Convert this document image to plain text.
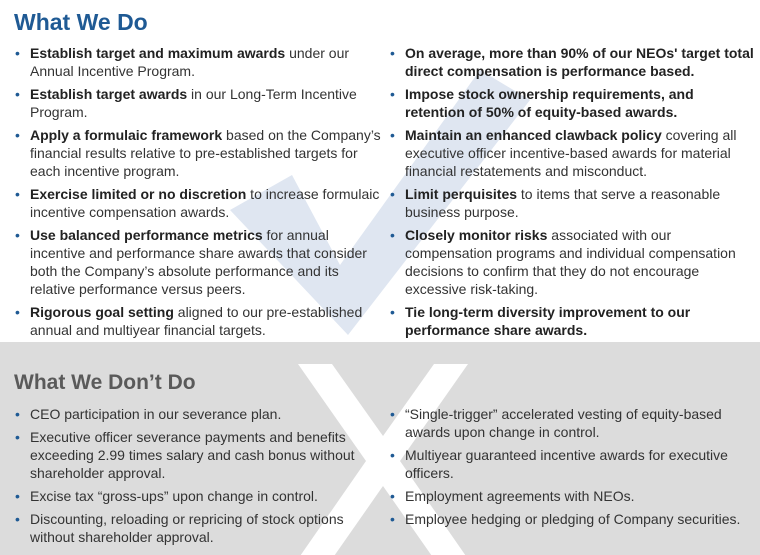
What We Do
• Establish target and maximum awards under our Annual Incentive Program.
• Establish target awards in our Long-Term Incentive Program.
• Apply a formulaic framework based on the Company’s financial results relative to pre-established targets for each incentive program.
• Exercise limited or no discretion to increase formulaic incentive compensation awards.
• Use balanced performance metrics for annual incentive and performance share awards that consider both the Company’s absolute performance and its relative performance versus peers.
• Rigorous goal setting aligned to our pre-established annual and multiyear financial targets.
• On average, more than 90% of our NEOs' target total direct compensation is performance based.
• Impose stock ownership requirements, and retention of 50% of equity-based awards.
• Maintain an enhanced clawback policy covering all executive officer incentive-based awards for material financial restatements and misconduct.
• Limit perquisites to items that serve a reasonable business purpose.
• Closely monitor risks associated with our compensation programs and individual compensation decisions to confirm that they do not encourage excessive risk-taking.
• Tie long-term diversity improvement to our performance share awards.
What We Don’t Do
• CEO participation in our severance plan.
• Executive officer severance payments and benefits exceeding 2.99 times salary and cash bonus without shareholder approval.
• Excise tax “gross-ups” upon change in control.
• Discounting, reloading or repricing of stock options without shareholder approval.
• “Single-trigger” accelerated vesting of equity-based awards upon change in control.
• Multiyear guaranteed incentive awards for executive officers.
• Employment agreements with NEOs.
• Employee hedging or pledging of Company securities.
